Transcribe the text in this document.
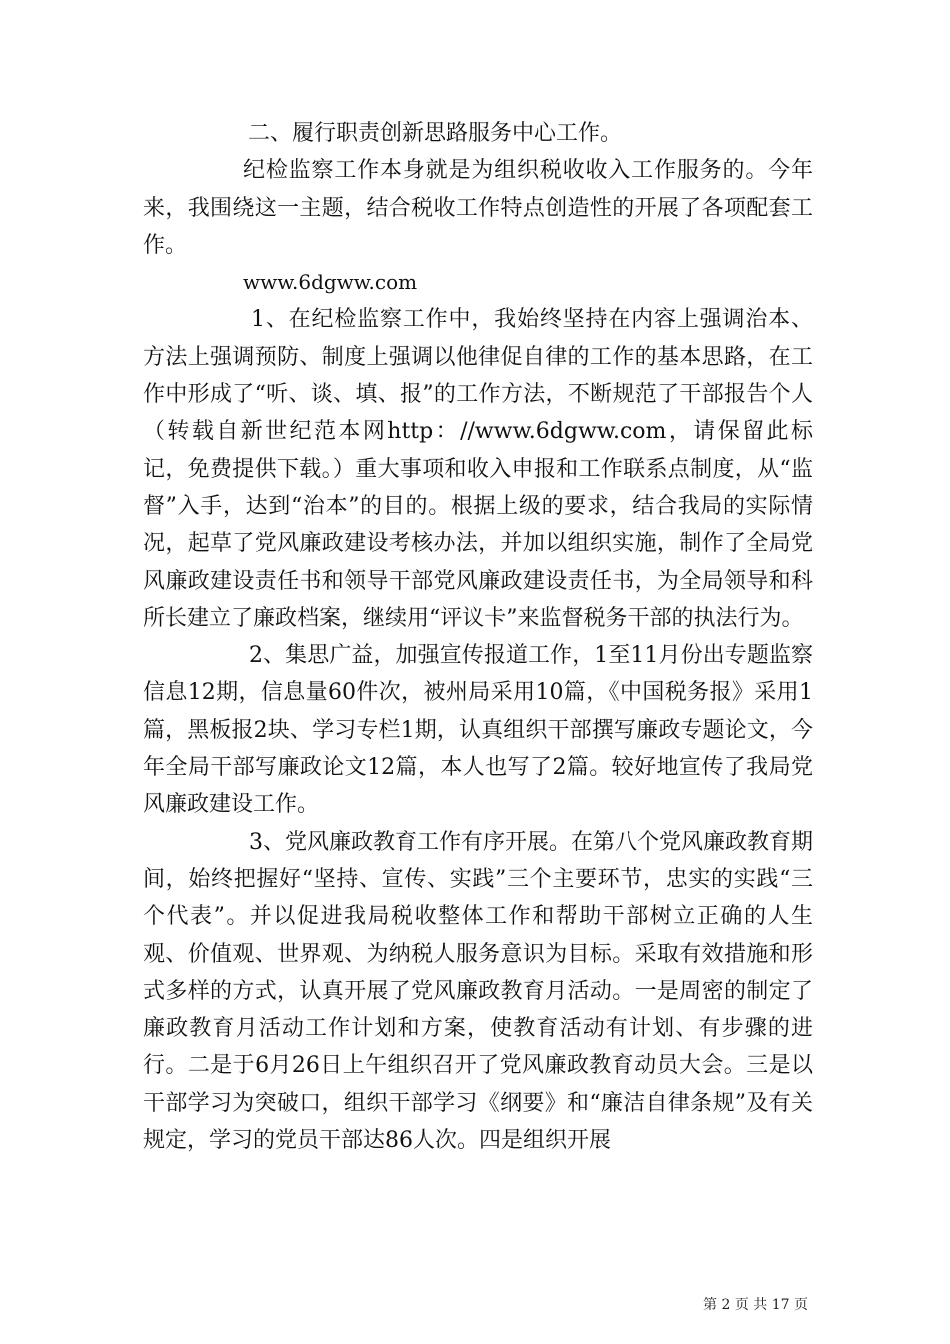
二、履行职责创新思路服务中心工作。

纪检监察工作本身就是为组织税收收入工作服务的。今年来，我围绕这一主题，结合税收工作特点创造性的开展了各项配套工作。

www.6dgww.com

1、在纪检监察工作中，我始终坚持在内容上强调治本、方法上强调预防、制度上强调以他律促自律的工作的基本思路，在工作中形成了“听、谈、填、报”的工作方法，不断规范了干部报告个人（转载自新世纪范本网http：//www.6dgww.com，请保留此标记，免费提供下载。）重大事项和收入申报和工作联系点制度，从“监督”入手，达到“治本”的目的。根据上级的要求，结合我局的实际情况，起草了党风廉政建设考核办法，并加以组织实施，制作了全局党风廉政建设责任书和领导干部党风廉政建设责任书，为全局领导和科所长建立了廉政档案，继续用“评议卡”来监督税务干部的执法行为。

2、集思广益，加强宣传报道工作，1至11月份出专题监察信息12期，信息量60件次，被州局采用10篇，《中国税务报》采用1篇，黑板报2块、学习专栏1期，认真组织干部撰写廉政专题论文，今年全局干部写廉政论文12篇，本人也写了2篇。较好地宣传了我局党风廉政建设工作。

3、党风廉政教育工作有序开展。在第八个党风廉政教育期间，始终把握好“坚持、宣传、实践”三个主要环节，忠实的实践“三个代表”。并以促进我局税收整体工作和帮助干部树立正确的人生观、价值观、世界观、为纳税人服务意识为目标。采取有效措施和形式多样的方式，认真开展了党风廉政教育月活动。一是周密的制定了廉政教育月活动工作计划和方案，使教育活动有计划、有步骤的进行。二是于6月26日上午组织召开了党风廉政教育动员大会。三是以干部学习为突破口，组织干部学习《纲要》和“廉洁自律条规”及有关规定，学习的党员干部达86人次。四是组织开展

第 2 页 共 17 页
